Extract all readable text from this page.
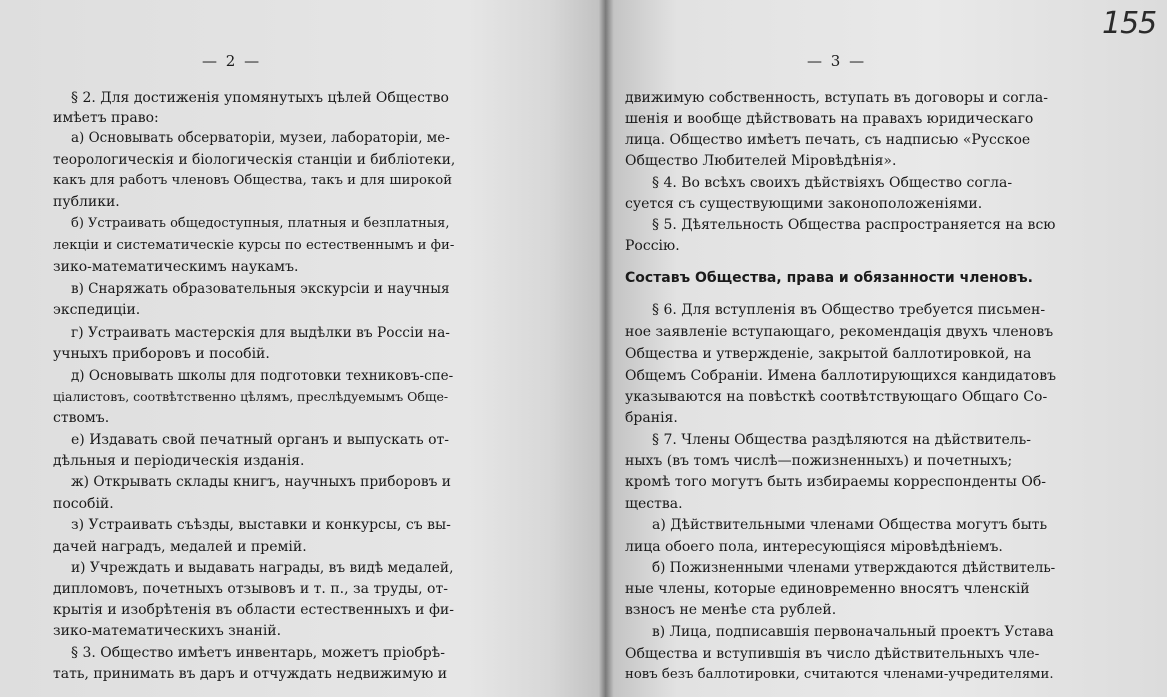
— 2 —
§ 2. Для достиженія упомянутыхъ цѣлей Общество
имѣетъ право:
а) Основывать обсерваторіи, музеи, лабораторіи, ме-
теорологическія и біологическія станціи и библіотеки,
какъ для работъ членовъ Общества, такъ и для широкой
публики.
б) Устраивать общедоступныя, платныя и безплатныя,
лекціи и систематическіе курсы по естественнымъ и фи-
зико-математическимъ наукамъ.
в) Снаряжать образовательныя экскурсіи и научныя
экспедиціи.
г) Устраивать мастерскія для выдѣлки въ Россіи на-
учныхъ приборовъ и пособій.
д) Основывать школы для подготовки техниковъ-спе-
ціалистовъ, соотвѣтственно цѣлямъ, преслѣдуемымъ Обще-
ствомъ.
е) Издавать свой печатный органъ и выпускать от-
дѣльныя и періодическія изданія.
ж) Открывать склады книгъ, научныхъ приборовъ и
пособій.
з) Устраивать съѣзды, выставки и конкурсы, съ вы-
дачей наградъ, медалей и премій.
и) Учреждать и выдавать награды, въ видѣ медалей,
дипломовъ, почетныхъ отзывовъ и т. п., за труды, от-
крытія и изобрѣтенія въ области естественныхъ и фи-
зико-математическихъ знаній.
§ 3. Общество имѣетъ инвентарь, можетъ пріобрѣ-
тать, принимать въ даръ и отчуждать недвижимую и
— 3 —
движимую собственность, вступать въ договоры и согла-
шенія и вообще дѣйствовать на правахъ юридическаго
лица. Общество имѣетъ печать, съ надписью «Русское
Общество Любителей Міровѣдѣнія».
§ 4. Во всѣхъ своихъ дѣйствіяхъ Общество согла-
суется съ существующими законоположеніями.
§ 5. Дѣятельность Общества распространяется на всю
Россію.
Составъ Общества, права и обязанности членовъ.
§ 6. Для вступленія въ Общество требуется письмен-
ное заявленіе вступающаго, рекомендація двухъ членовъ
Общества и утвержденіе, закрытой баллотировкой, на
Общемъ Собраніи. Имена баллотирующихся кандидатовъ
указываются на повѣсткѣ соотвѣтствующаго Общаго Со-
бранія.
§ 7. Члены Общества раздѣляются на дѣйствитель-
ныхъ (въ томъ числѣ—пожизненныхъ) и почетныхъ;
кромѣ того могутъ быть избираемы корреспонденты Об-
щества.
а) Дѣйствительными членами Общества могутъ быть
лица обоего пола, интересующіяся міровѣдѣніемъ.
б) Пожизненными членами утверждаются дѣйствитель-
ные члены, которые единовременно вносятъ членскій
взносъ не менѣе ста рублей.
в) Лица, подписавшія первоначальный проектъ Устава
Общества и вступившія въ число дѣйствительныхъ чле-
новъ безъ баллотировки, считаются членами-учредителями.
155
